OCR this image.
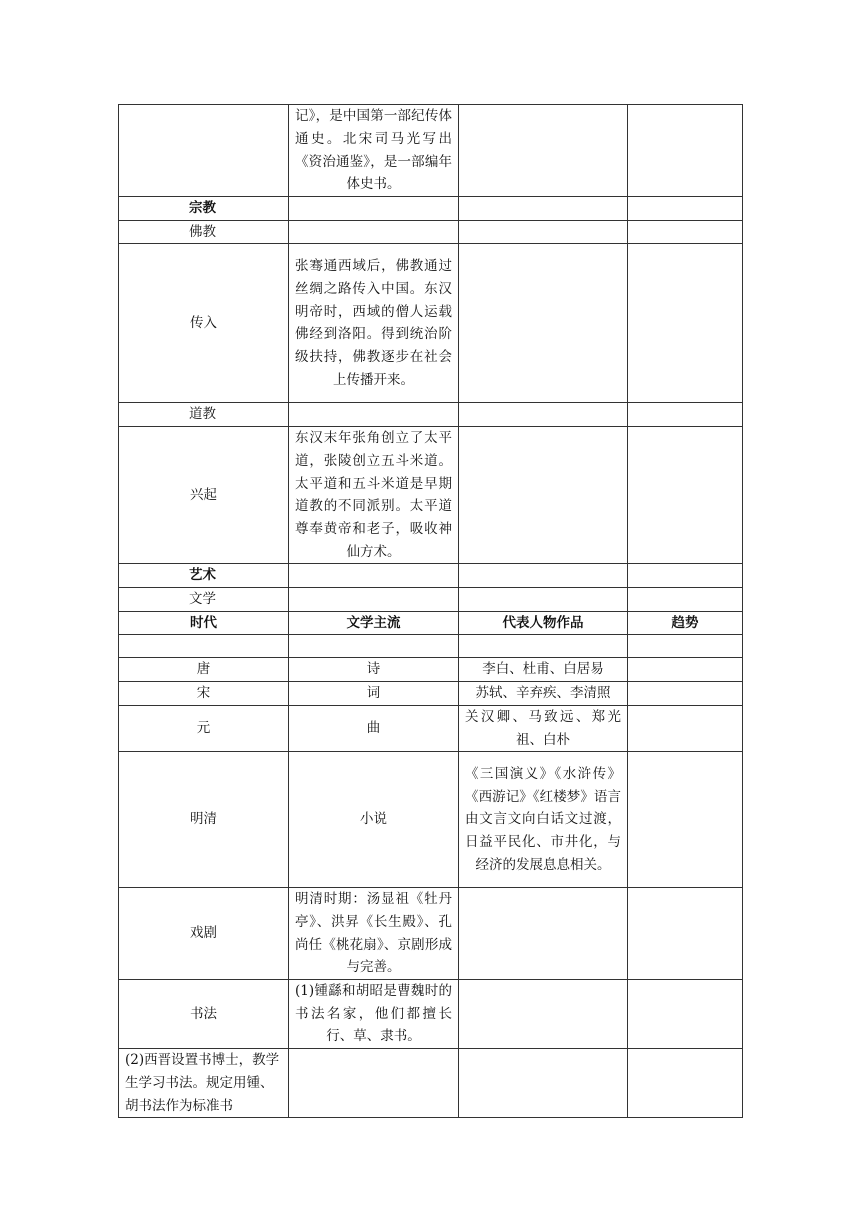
	记》，是中国第一部纪传体通史。北宋司马光写出《资治通鉴》，是一部编年体史书。		
宗教			
佛教			
传入	张骞通西域后，佛教通过丝绸之路传入中国。东汉明帝时，西域的僧人运载佛经到洛阳。得到统治阶级扶持，佛教逐步在社会上传播开来。		
道教			
兴起	东汉末年张角创立了太平道，张陵创立五斗米道。太平道和五斗米道是早期道教的不同派别。太平道尊奉黄帝和老子，吸收神仙方术。		
艺术			
文学			
时代	文学主流	代表人物作品	趋势

唐	诗	李白、杜甫、白居易	
宋	词	苏轼、辛弃疾、李清照	
元	曲	关汉卿、马致远、郑光祖、白朴	
明清	小说	《三国演义》《水浒传》《西游记》《红楼梦》语言由文言文向白话文过渡，日益平民化、市井化，与经济的发展息息相关。	
戏剧	明清时期：汤显祖《牡丹亭》、洪昇《长生殿》、孔尚任《桃花扇》、京剧形成与完善。		
书法	(1)锺繇和胡昭是曹魏时的书法名家，他们都擅长行、草、隶书。		
(2)西晋设置书博士，教学生学习书法。规定用锺、胡书法作为标准书			
